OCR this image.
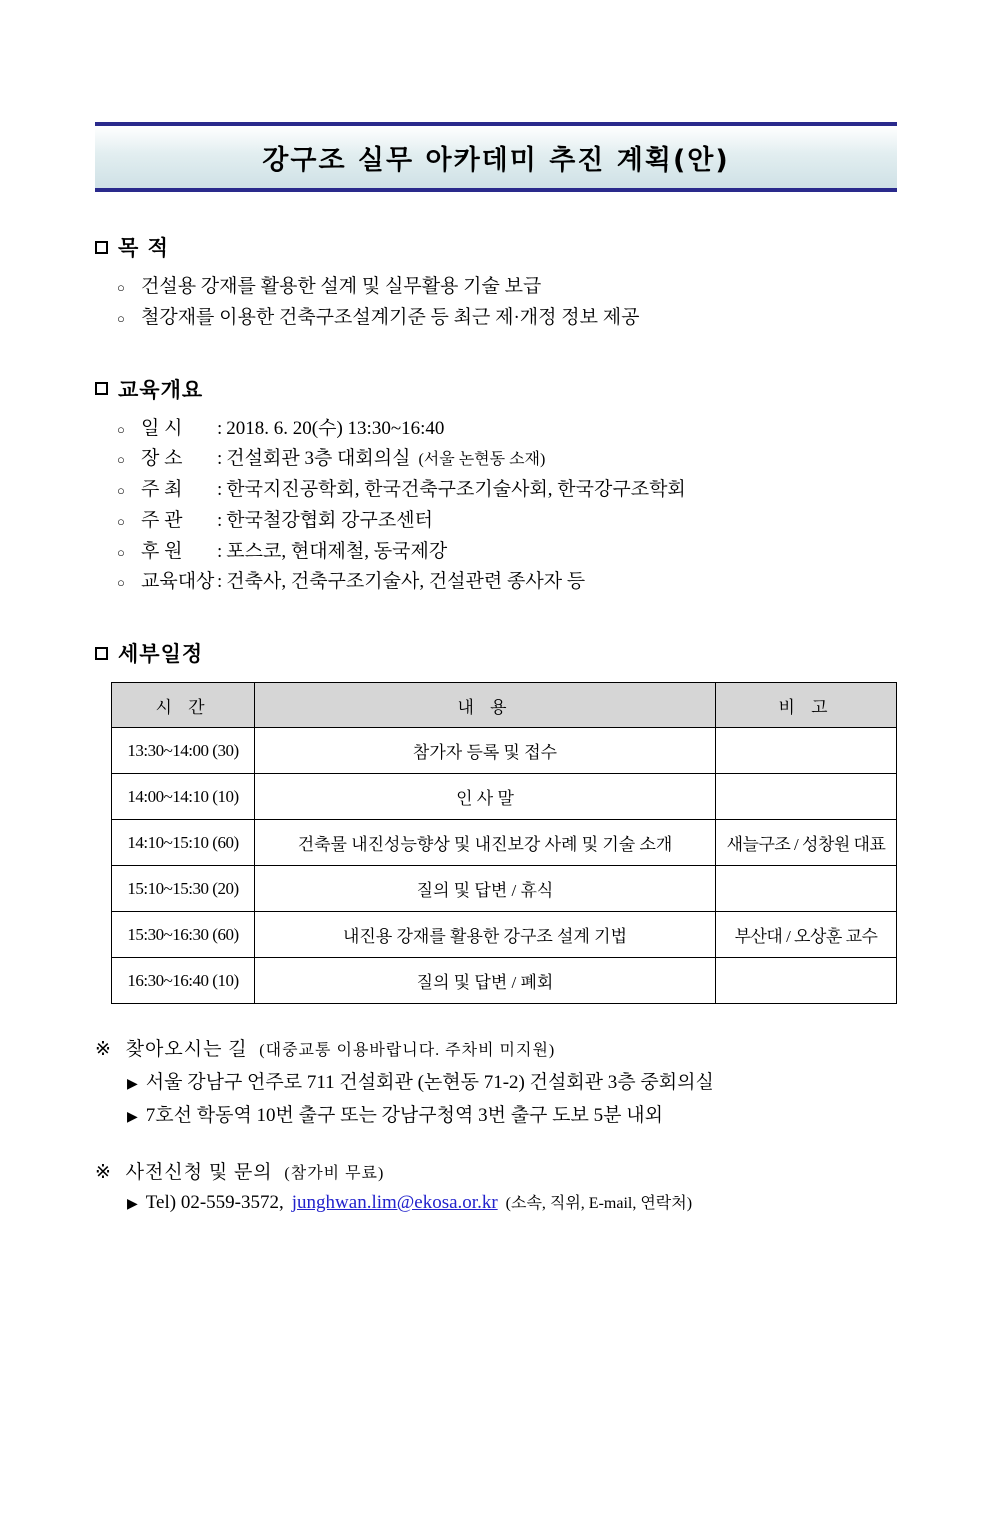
강구조 실무 아카데미 추진 계획(안)
목 적
○ 건설용 강재를 활용한 설계 및 실무활용 기술 보급
○ 철강재를 이용한 건축구조설계기준 등 최근 제·개정 정보 제공
교육개요
○ 일 시	: 2018. 6. 20(수) 13:30~16:40
○ 장 소	: 건설회관 3층 대회의실 (서울 논현동 소재)
○ 주 최	: 한국지진공학회, 한국건축구조기술사회, 한국강구조학회
○ 주 관	: 한국철강협회 강구조센터
○ 후 원	: 포스코, 현대제철, 동국제강
○ 교육대상 : 건축사, 건축구조기술사, 건설관련 종사자 등
세부일정
시 간	내 용	비 고
13:30~14:00 (30)	참가자 등록 및 접수	
14:00~14:10 (10)	인 사 말	
14:10~15:10 (60)	건축물 내진성능향상 및 내진보강 사례 및 기술 소개	새늘구조 / 성창원 대표
15:10~15:30 (20)	질의 및 답변 / 휴식	
15:30~16:30 (60)	내진용 강재를 활용한 강구조 설계 기법	부산대 / 오상훈 교수
16:30~16:40 (10)	질의 및 답변 / 폐회	
※ 찾아오시는 길 (대중교통 이용바랍니다. 주차비 미지원)
▶ 서울 강남구 언주로 711 건설회관 (논현동 71-2) 건설회관 3층 중회의실
▶ 7호선 학동역 10번 출구 또는 강남구청역 3번 출구 도보 5분 내외
※ 사전신청 및 문의 (참가비 무료)
▶ Tel) 02-559-3572, junghwan.lim@ekosa.or.kr (소속, 직위, E-mail, 연락처)
